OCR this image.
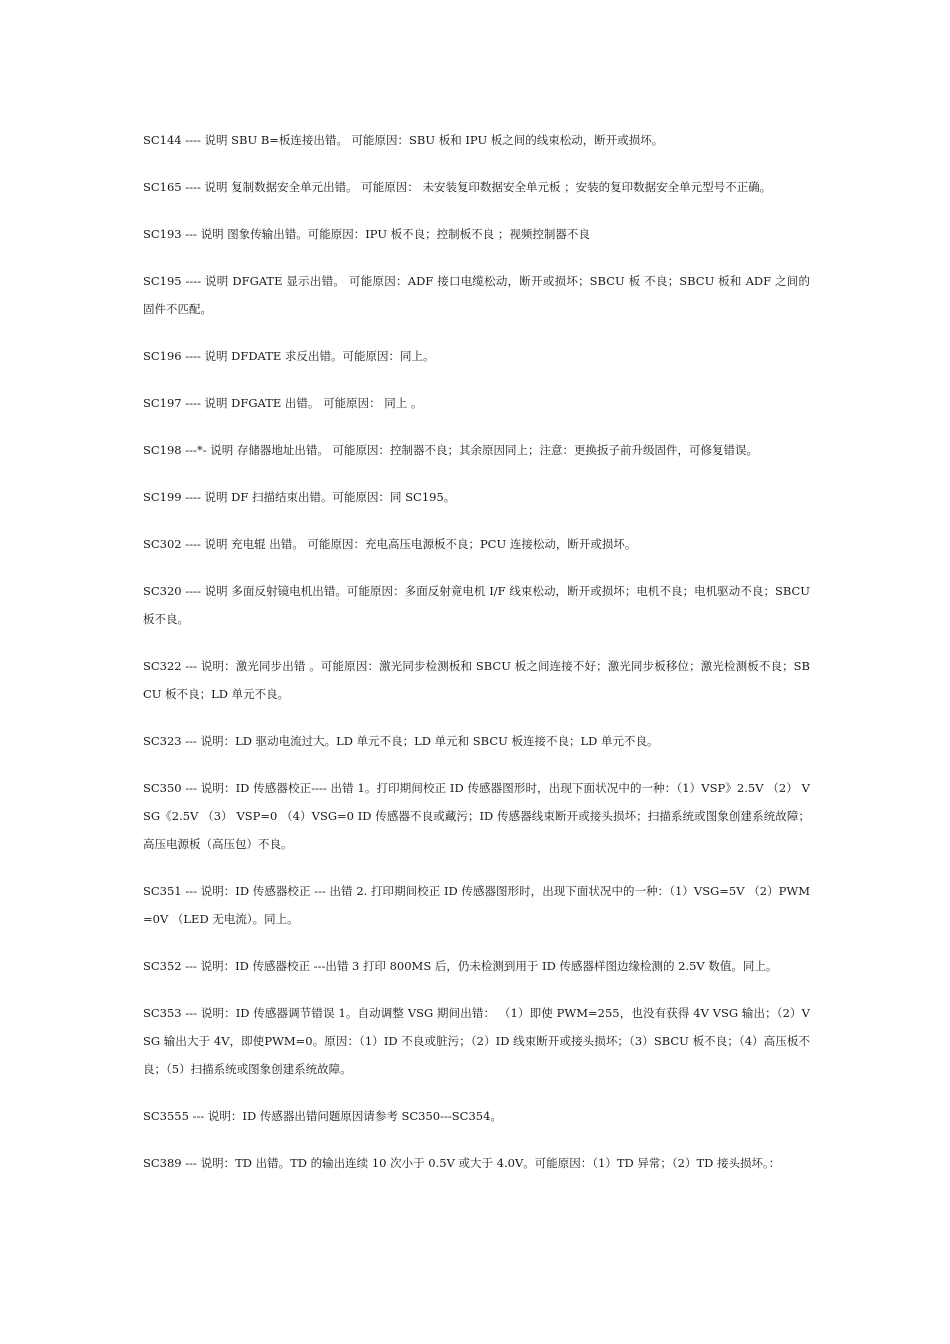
SC144 ---- 说明 SBU B=板连接出错。 可能原因：SBU 板和 IPU 板之间的线束松动，断开或损坏。

SC165 ---- 说明 复制数据安全单元出错。 可能原因： 未安装复印数据安全单元板 ；安装的复印数据安全单元型号不正确。

SC193 --- 说明 图象传输出错。可能原因：IPU 板不良；控制板不良 ；视频控制器不良

SC195 ---- 说明 DFGATE 显示出错。 可能原因：ADF 接口电缆松动，断开或损坏；SBCU 板 不良；SBCU 板和 ADF 之间的固件不匹配。

SC196 ---- 说明 DFDATE 求反出错。可能原因：同上。

SC197 ---- 说明 DFGATE 出错。 可能原因： 同上 。

SC198 ---*- 说明 存储器地址出错。 可能原因：控制器不良；其余原因同上；注意：更换扳子前升级固件，可修复错误。

SC199 ---- 说明 DF 扫描结束出错。可能原因：同 SC195。

SC302 ---- 说明 充电辊 出错。 可能原因：充电高压电源板不良；PCU 连接松动，断开或损坏。

SC320 ---- 说明 多面反射镜电机出错。可能原因：多面反射竟电机 I/F 线束松动，断开或损坏；电机不良；电机驱动不良；SBCU 板不良。

SC322 --- 说明：激光同步出错 。可能原因：激光同步检测板和 SBCU 板之间连接不好；激光同步板移位；激光检测板不良；SBCU 板不良；LD 单元不良。

SC323 --- 说明：LD 驱动电流过大。LD 单元不良；LD 单元和 SBCU 板连接不良；LD 单元不良。

SC350 --- 说明：ID 传感器校正---- 出错 1。打印期间校正 ID 传感器图形时，出现下面状况中的一种：（1）VSP》2.5V （2） VSG《2.5V （3） VSP=0 （4）VSG=0 ID 传感器不良或藏污；ID 传感器线束断开或接头损坏；扫描系统或图象创建系统故障；高压电源板（高压包）不良。

SC351 --- 说明：ID 传感器校正 --- 出错 2. 打印期间校正 ID 传感器图形时，出现下面状况中的一种：（1）VSG=5V （2）PWM=0V （LED 无电流）。同上。

SC352 --- 说明：ID 传感器校正 ---出错 3 打印 800MS 后，仍未检测到用于 ID 传感器样图边缘检测的 2.5V 数值。同上。

SC353 --- 说明：ID 传感器调节错误 1。自动调整 VSG 期间出错： （1）即使 PWM=255，也没有获得 4V VSG 输出；（2）VSG 输出大于 4V，即使PWM=0。原因：（1）ID 不良或脏污；（2）ID 线束断开或接头损坏；（3）SBCU 板不良；（4）高压板不良；（5）扫描系统或图象创建系统故障。

SC3555 --- 说明：ID 传感器出错问题原因请参考 SC350---SC354。

SC389 --- 说明：TD 出错。TD 的输出连续 10 次小于 0.5V 或大于 4.0V。可能原因：（1）TD 异常；（2）TD 接头损坏。：
